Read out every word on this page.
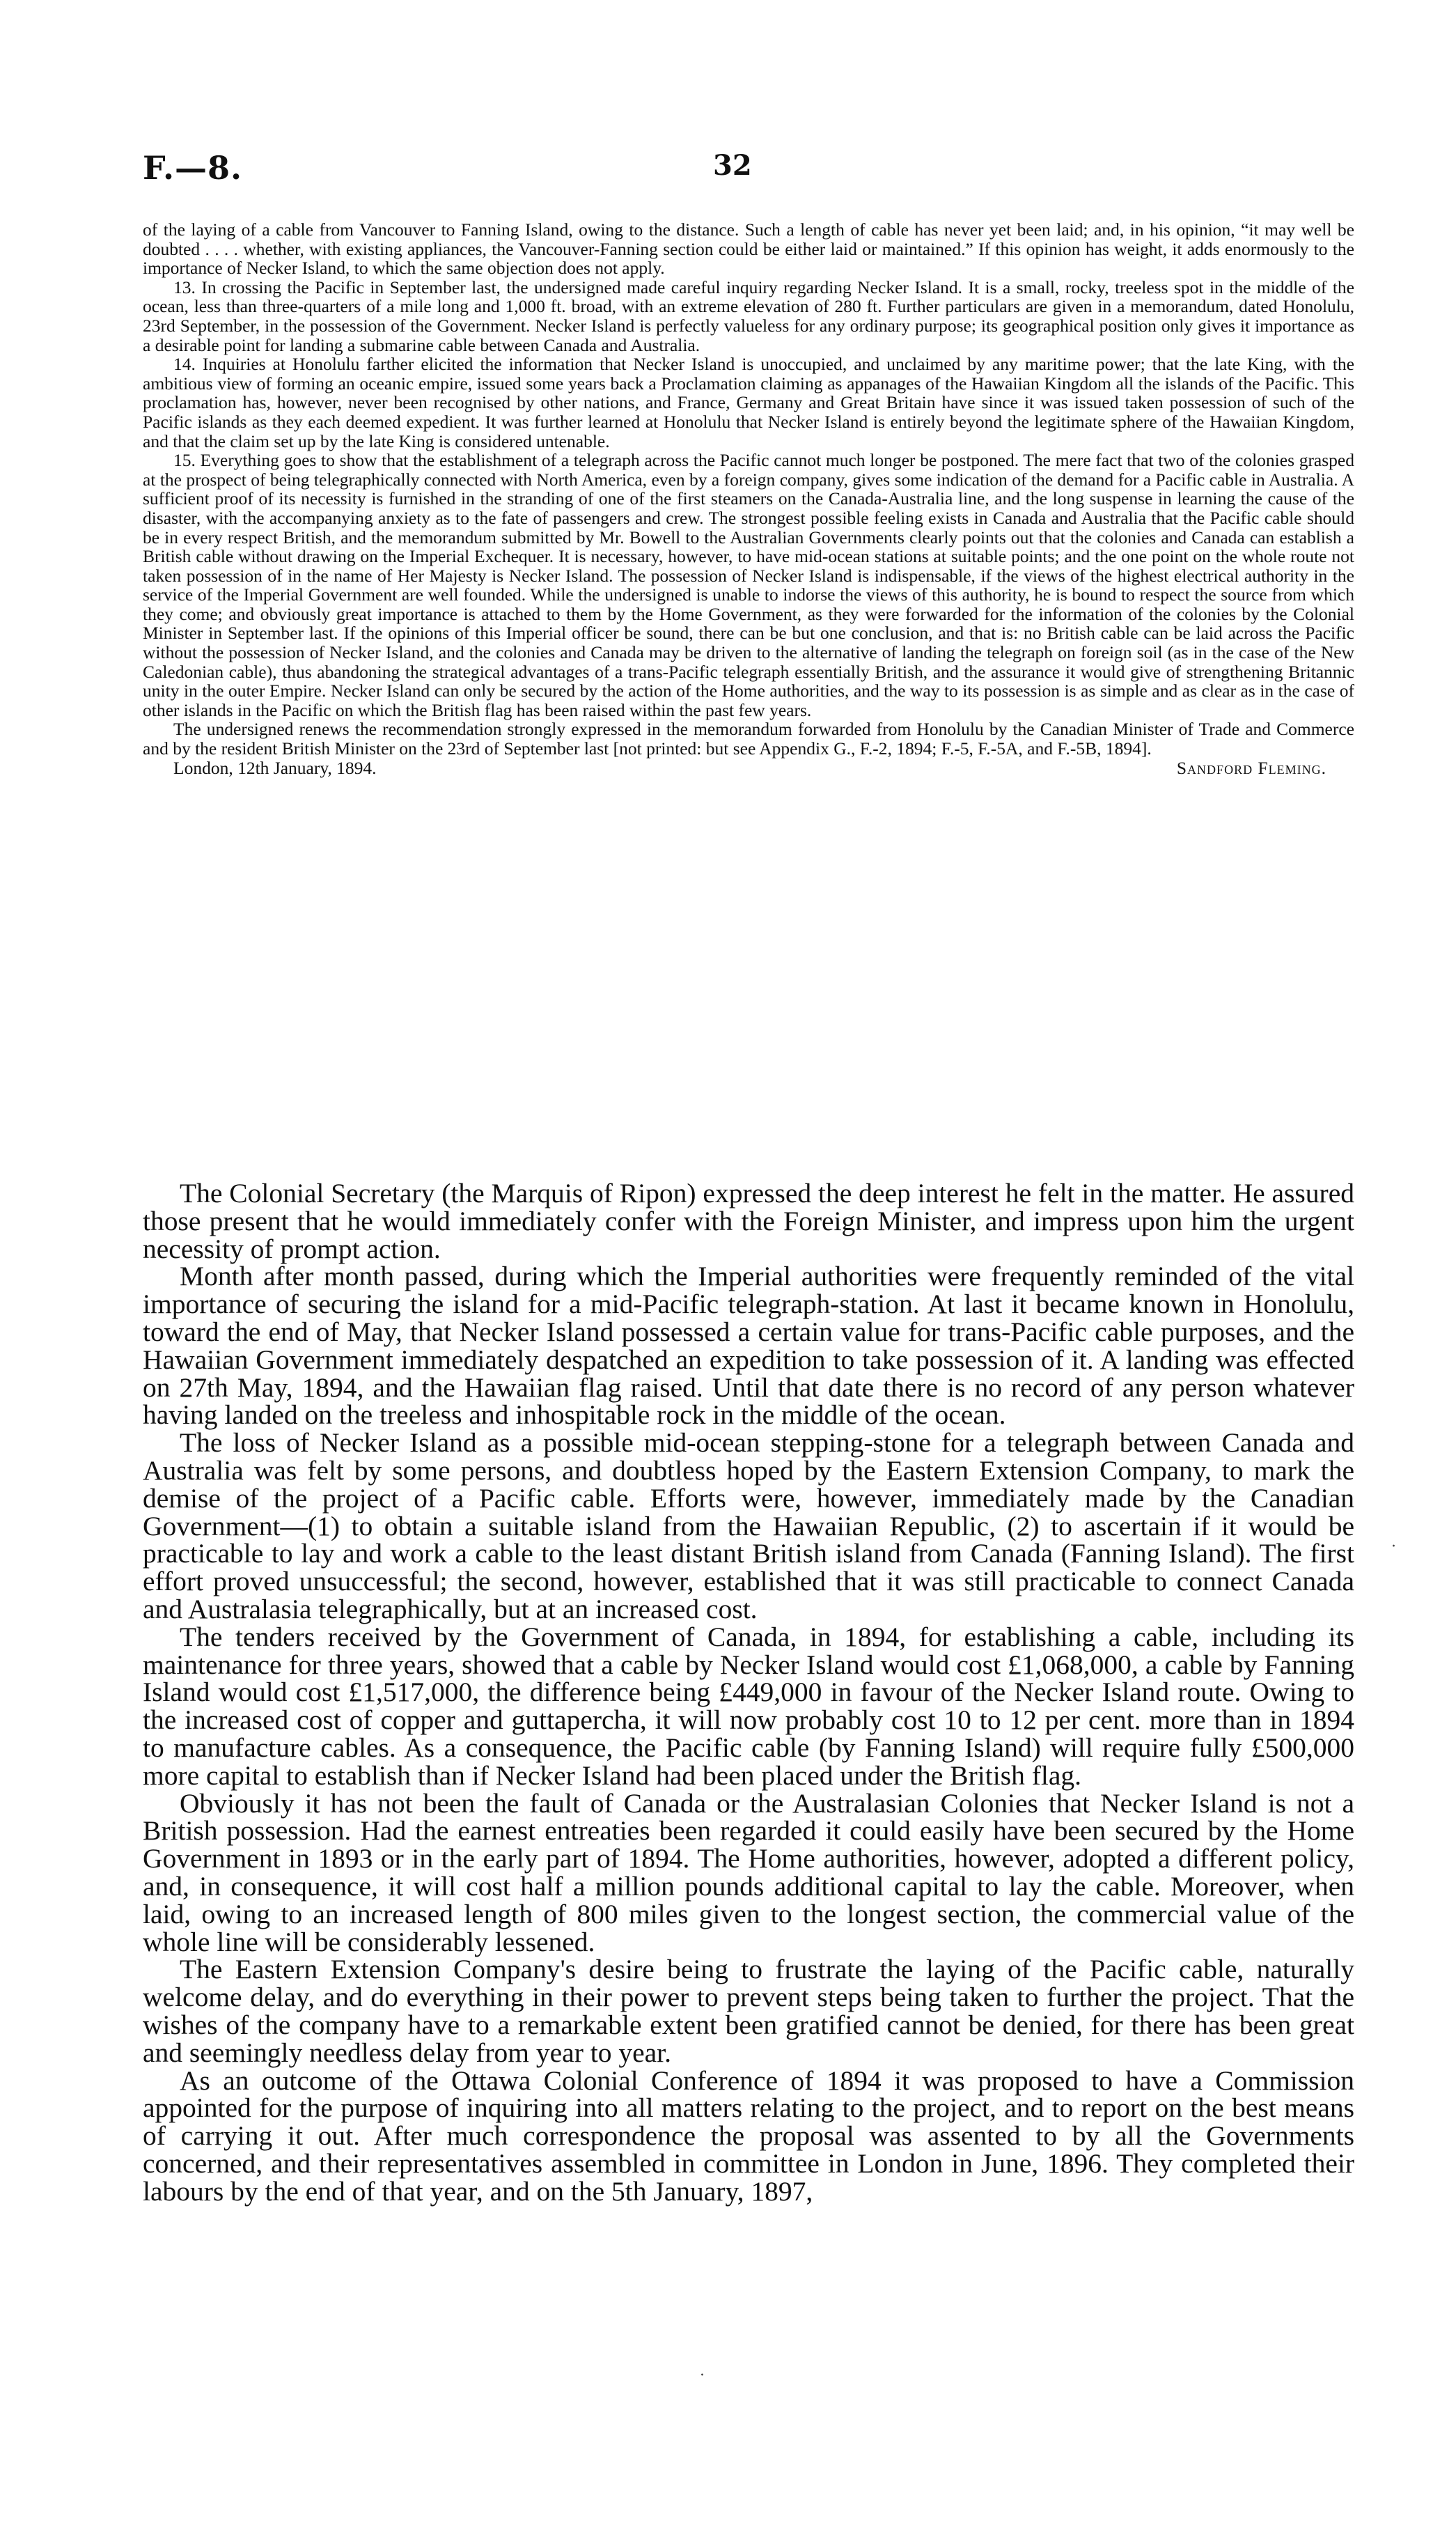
F.—8.	32

of the laying of a cable from Vancouver to Fanning Island, owing to the distance. Such a length of cable has never yet been laid; and, in his opinion, “it may well be doubted . . . . whether, with existing appliances, the Vancouver-Fanning section could be either laid or maintained.” If this opinion has weight, it adds enormously to the importance of Necker Island, to which the same objection does not apply.

13. In crossing the Pacific in September last, the undersigned made careful inquiry regarding Necker Island. It is a small, rocky, treeless spot in the middle of the ocean, less than three-quarters of a mile long and 1,000 ft. broad, with an extreme elevation of 280 ft. Further particulars are given in a memorandum, dated Honolulu, 23rd September, in the possession of the Government. Necker Island is perfectly valueless for any ordinary purpose; its geographical position only gives it importance as a desirable point for landing a submarine cable between Canada and Australia.

14. Inquiries at Honolulu farther elicited the information that Necker Island is unoccupied, and unclaimed by any maritime power; that the late King, with the ambitious view of forming an oceanic empire, issued some years back a Proclamation claiming as appanages of the Hawaiian Kingdom all the islands of the Pacific. This proclamation has, however, never been recognised by other nations, and France, Germany and Great Britain have since it was issued taken possession of such of the Pacific islands as they each deemed expedient. It was further learned at Honolulu that Necker Island is entirely beyond the legitimate sphere of the Hawaiian Kingdom, and that the claim set up by the late King is considered untenable.

15. Everything goes to show that the establishment of a telegraph across the Pacific cannot much longer be postponed. The mere fact that two of the colonies grasped at the prospect of being telegraphically connected with North America, even by a foreign company, gives some indication of the demand for a Pacific cable in Australia. A sufficient proof of its necessity is furnished in the stranding of one of the first steamers on the Canada-Australia line, and the long suspense in learning the cause of the disaster, with the accompanying anxiety as to the fate of passengers and crew. The strongest possible feeling exists in Canada and Australia that the Pacific cable should be in every respect British, and the memorandum submitted by Mr. Bowell to the Australian Governments clearly points out that the colonies and Canada can establish a British cable without drawing on the Imperial Exchequer. It is necessary, however, to have mid-ocean stations at suitable points; and the one point on the whole route not taken possession of in the name of Her Majesty is Necker Island. The possession of Necker Island is indispensable, if the views of the highest electrical authority in the service of the Imperial Government are well founded. While the undersigned is unable to indorse the views of this authority, he is bound to respect the source from which they come; and obviously great importance is attached to them by the Home Government, as they were forwarded for the information of the colonies by the Colonial Minister in September last. If the opinions of this Imperial officer be sound, there can be but one conclusion, and that is: no British cable can be laid across the Pacific without the possession of Necker Island, and the colonies and Canada may be driven to the alternative of landing the telegraph on foreign soil (as in the case of the New Caledonian cable), thus abandoning the strategical advantages of a trans-Pacific telegraph essentially British, and the assurance it would give of strengthening Britannic unity in the outer Empire. Necker Island can only be secured by the action of the Home authorities, and the way to its possession is as simple and as clear as in the case of other islands in the Pacific on which the British flag has been raised within the past few years.

The undersigned renews the recommendation strongly expressed in the memorandum forwarded from Honolulu by the Canadian Minister of Trade and Commerce and by the resident British Minister on the 23rd of September last [not printed: but see Appendix G., F.-2, 1894; F.-5, F.-5A, and F.-5B, 1894].

London, 12th January, 1894.	Sandford Fleming.

The Colonial Secretary (the Marquis of Ripon) expressed the deep interest he felt in the matter. He assured those present that he would immediately confer with the Foreign Minister, and impress upon him the urgent necessity of prompt action.

Month after month passed, during which the Imperial authorities were frequently reminded of the vital importance of securing the island for a mid-Pacific telegraph-station. At last it became known in Honolulu, toward the end of May, that Necker Island possessed a certain value for trans-Pacific cable purposes, and the Hawaiian Government immediately despatched an expedition to take possession of it. A landing was effected on 27th May, 1894, and the Hawaiian flag raised. Until that date there is no record of any person whatever having landed on the treeless and inhospitable rock in the middle of the ocean.

The loss of Necker Island as a possible mid-ocean stepping-stone for a telegraph between Canada and Australia was felt by some persons, and doubtless hoped by the Eastern Extension Company, to mark the demise of the project of a Pacific cable. Efforts were, however, immediately made by the Canadian Government—(1) to obtain a suitable island from the Hawaiian Republic, (2) to ascertain if it would be practicable to lay and work a cable to the least distant British island from Canada (Fanning Island). The first effort proved unsuccessful; the second, however, established that it was still practicable to connect Canada and Australasia telegraphically, but at an increased cost.

The tenders received by the Government of Canada, in 1894, for establishing a cable, including its maintenance for three years, showed that a cable by Necker Island would cost £1,068,000, a cable by Fanning Island would cost £1,517,000, the difference being £449,000 in favour of the Necker Island route. Owing to the increased cost of copper and guttapercha, it will now probably cost 10 to 12 per cent. more than in 1894 to manufacture cables. As a consequence, the Pacific cable (by Fanning Island) will require fully £500,000 more capital to establish than if Necker Island had been placed under the British flag.

Obviously it has not been the fault of Canada or the Australasian Colonies that Necker Island is not a British possession. Had the earnest entreaties been regarded it could easily have been secured by the Home Government in 1893 or in the early part of 1894. The Home authorities, however, adopted a different policy, and, in consequence, it will cost half a million pounds additional capital to lay the cable. Moreover, when laid, owing to an increased length of 800 miles given to the longest section, the commercial value of the whole line will be considerably lessened.

The Eastern Extension Company's desire being to frustrate the laying of the Pacific cable, naturally welcome delay, and do everything in their power to prevent steps being taken to further the project. That the wishes of the company have to a remarkable extent been gratified cannot be denied, for there has been great and seemingly needless delay from year to year.

As an outcome of the Ottawa Colonial Conference of 1894 it was proposed to have a Commission appointed for the purpose of inquiring into all matters relating to the project, and to report on the best means of carrying it out. After much correspondence the proposal was assented to by all the Governments concerned, and their representatives assembled in committee in London in June, 1896. They completed their labours by the end of that year, and on the 5th January, 1897,

·
·
